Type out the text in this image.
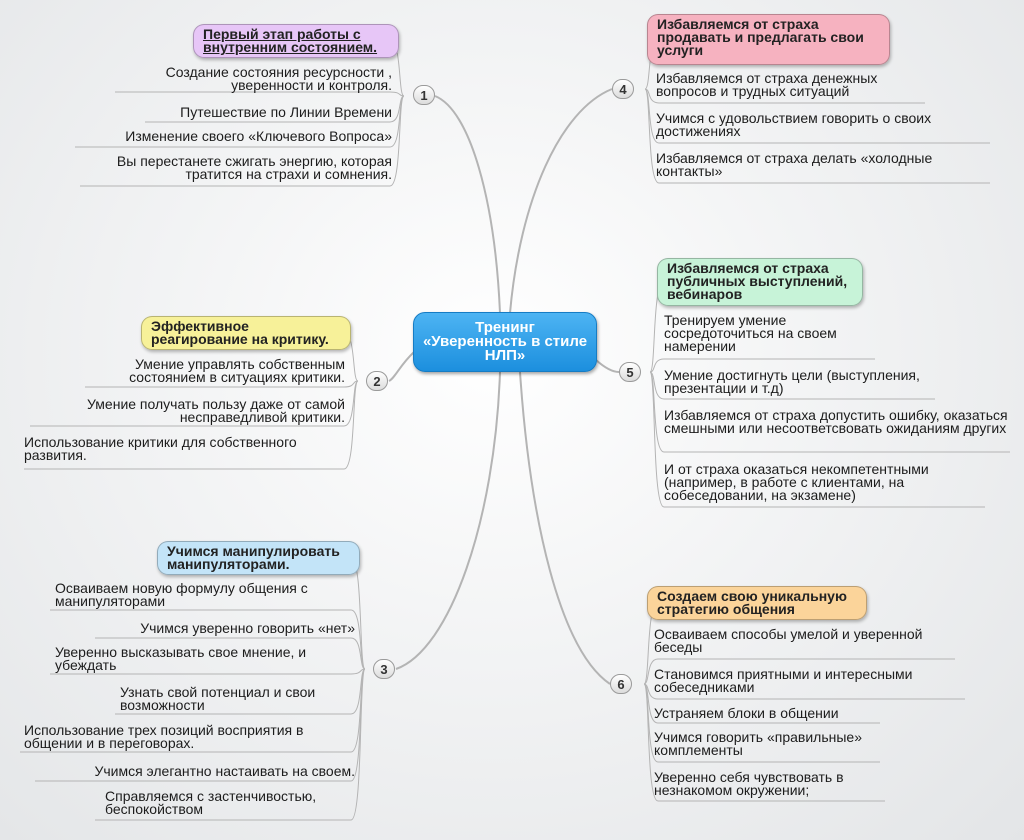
Тренинг «Уверенность в стиле НЛП»
Первый этап работы с внутренним состоянием.
Создание состояния ресурсности , уверенности и контроля.
Путешествие по Линии Времени
Изменение своего «Ключевого Вопроса»
Вы перестанете сжигать энергию, которая тратится на страхи и сомнения.
1
Эффективное реагирование на критику.
Умение управлять собственным состоянием в ситуациях критики.
Умение получать пользу даже от самой несправедливой критики.
Использование критики для собственного развития.
2
Учимся манипулировать манипуляторами.
Осваиваем новую формулу общения с манипуляторами
Учимся уверенно говорить «нет»
Уверенно высказывать свое мнение, и убеждать
Узнать свой потенциал и свои возможности
Использование трех позиций восприятия в общении и в переговорах.
Учимся элегантно настаивать на своем.
Справляемся с застенчивостью, беспокойством
3
Избавляемся от страха продавать и предлагать свои услуги
Избавляемся от страха денежных вопросов и трудных ситуаций
Учимся с удовольствием говорить о своих достижениях
Избавляемся от страха делать «холодные контакты»
4
Избавляемся от страха публичных выступлений, вебинаров
Тренируем умение сосредоточиться на своем намерении
Умение достигнуть цели (выступления, презентации и т.д)
Избавляемся от страха допустить ошибку, оказаться смешными или несоответсвовать ожиданиям других
И от страха оказаться некомпетентными (например, в работе с клиентами, на собеседовании, на экзамене)
5
Создаем свою уникальную стратегию общения
Осваиваем способы умелой и уверенной беседы
Становимся приятными и интересными собеседниками
Устраняем блоки в общении
Учимся говорить «правильные» комплементы
Уверенно себя чувствовать в незнакомом окружении;
6
